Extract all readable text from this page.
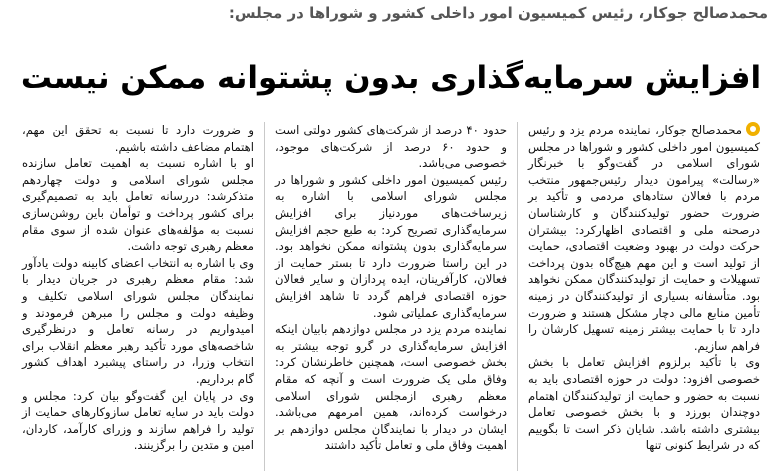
محمدصالح جوکار، رئیس کمیسیون امور داخلی کشور و شوراها در مجلس:
افزایش سرمایه‌گذاری بدون پشتوانه ممکن نیست

محمدصالح جوکار، نماینده مردم یزد و رئیس کمیسیون امور داخلی کشور و شوراها در مجلس شورای اسلامی در گفت‌وگو با خبرنگار «رسالت» پیرامون دیدار رئیس‌جمهور منتخب مردم با فعالان ستادهای مردمی و تأکید بر ضرورت حضور تولیدکنندگان و کارشناسان درصحنه ملی و اقتصادی اظهارکرد: بیشتران حرکت دولت در بهبود وضعیت اقتصادی، حمایت از تولید است و این مهم هیچ‌گاه بدون پرداخت تسهیلات و حمایت از تولیدکنندگان ممکن نخواهد بود. متأسفانه بسیاری از تولیدکنندگان در زمینه تأمین منابع مالی دچار مشکل هستند و ضرورت دارد تا با حمایت بیشتر زمینه تسهیل کارشان را فراهم سازیم.

وی با تأکید برلزوم افزایش تعامل با بخش خصوصی افزود: دولت در حوزه اقتصادی باید به نسبت به حضور و حمایت از تولیدکنندگان اهتمام دوچندان بورزد و با بخش خصوصی تعامل بیشتری داشته باشد. شایان ذکر است تا بگوییم که در شرایط کنونی تنها

حدود ۴۰ درصد از شرکت‌های کشور دولتی است و حدود ۶۰ درصد از شرکت‌های موجود، خصوصی می‌باشد.

رئیس کمیسیون امور داخلی کشور و شوراها در مجلس شورای اسلامی با اشاره به زیرساخت‌های موردنیاز برای افزایش سرمایه‌گذاری تصریح کرد: به طبع حجم افزایش سرمایه‌گذاری بدون پشتوانه ممکن نخواهد بود. در این راستا ضرورت دارد تا بستر حمایت از فعالان، کارآفرینان، ایده پردازان و سایر فعالان حوزه اقتصادی فراهم گردد تا شاهد افزایش سرمایه‌گذاری عملیاتی شود.

نماینده مردم یزد در مجلس دوازدهم بابیان اینکه افزایش سرمایه‌گذاری در گرو توجه بیشتر به بخش خصوصی است، همچنین خاطرنشان کرد: وفاق ملی یک ضرورت است و آنچه که مقام معظم رهبری ازمجلس شورای اسلامی درخواست کرده‌اند، همین امرمهم می‌باشد. ایشان در دیدار با نمایندگان مجلس دوازدهم بر اهمیت وفاق ملی و تعامل تأکید داشتند

و ضرورت دارد تا نسبت به تحقق این مهم، اهتمام مضاعف داشته باشیم.

او با اشاره نسبت به اهمیت تعامل سازنده مجلس شورای اسلامی و دولت چهاردهم متذکرشد: دررسانه تعامل باید به تصمیم‌گیری برای کشور پرداخت و توأمان باین روشن‌سازی نسبت به مؤلفه‌های عنوان شده از سوی مقام معظم رهبری توجه داشت.

وی با اشاره به انتخاب اعضای کابینه دولت یادآور شد: مقام معظم رهبری در جریان دیدار با نمایندگان مجلس شورای اسلامی تکلیف و وظیفه دولت و مجلس را مبرهن فرمودند و امیدواریم در رسانه تعامل و درنظرگیری شاخصه‌های مورد تأکید رهبر معظم انقلاب برای انتخاب وزرا، در راستای پیشبرد اهداف کشور گام برداریم.

وی در پایان این گفت‌وگو بیان کرد: مجلس و دولت باید در سایه تعامل سازوکارهای حمایت از تولید را فراهم سازند و وزرای کارآمد، کاردان، امین و متدین را برگزینند.
